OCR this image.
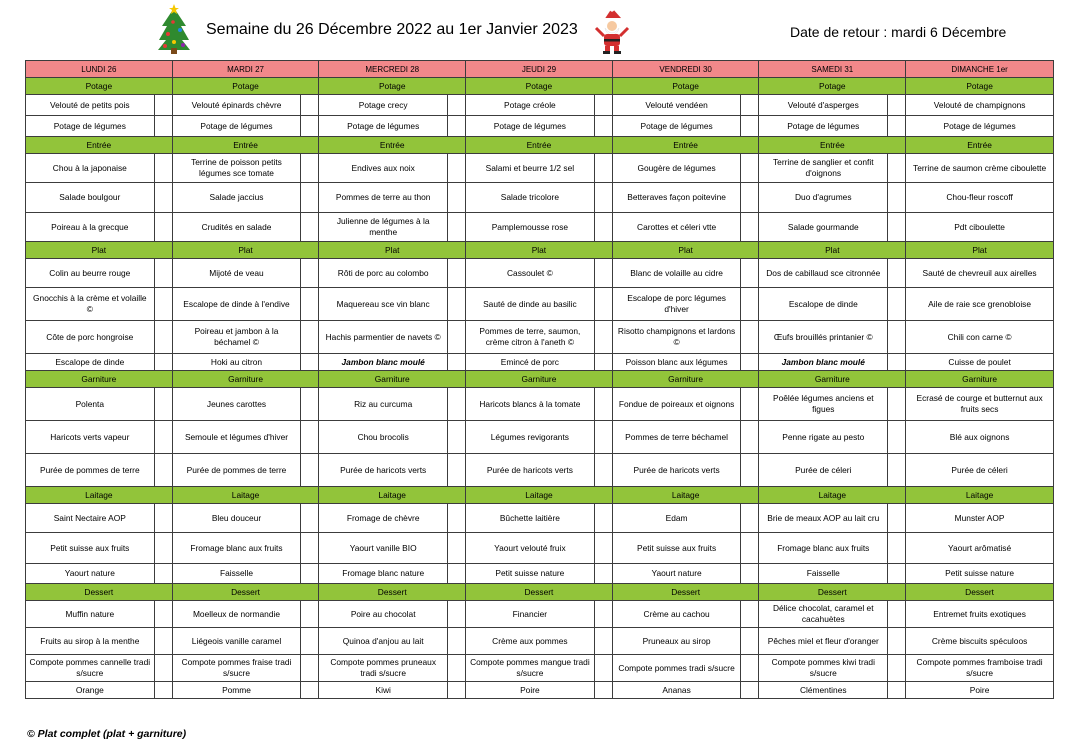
Semaine du 26 Décembre 2022 au 1er Janvier 2023	Date de retour : mardi 6 Décembre
LUNDI 26		MARDI 27		MERCREDI 28		JEUDI 29		VENDREDI 30		SAMEDI 31		DIMANCHE 1er
Potage		Potage		Potage		Potage		Potage		Potage		Potage
Velouté de petits pois		Velouté épinards chèvre		Potage crecy		Potage créole		Velouté vendéen		Velouté d'asperges		Velouté de champignons
Potage de légumes		Potage de légumes		Potage de légumes		Potage de légumes		Potage de légumes		Potage de légumes		Potage de légumes
Entrée		Entrée		Entrée		Entrée		Entrée		Entrée		Entrée
Chou à la japonaise		Terrine de poisson petits légumes sce tomate		Endives aux noix		Salami et beurre 1/2 sel		Gougère de légumes		Terrine de sanglier et confit d'oignons		Terrine de saumon crème ciboulette
Salade boulgour		Salade jaccius		Pommes de terre au thon		Salade tricolore		Betteraves façon poitevine		Duo d'agrumes		Chou-fleur roscoff
Poireau à la grecque		Crudités en salade		Julienne de légumes à la menthe		Pamplemousse rose		Carottes et céleri vtte		Salade gourmande		Pdt ciboulette
Plat		Plat		Plat		Plat		Plat		Plat		Plat
Colin au beurre rouge		Mijoté de veau		Rôti de porc au colombo		Cassoulet ©		Blanc de volaille au cidre		Dos de cabillaud sce citronnée		Sauté de chevreuil aux airelles
Gnocchis à la crème et volaille ©		Escalope de dinde à l'endive		Maquereau sce vin blanc		Sauté de dinde au basilic		Escalope de porc légumes d'hiver		Escalope de dinde		Aile de raie sce grenobloise
Côte de porc hongroise		Poireau et jambon à la béchamel ©		Hachis parmentier de navets ©		Pommes de terre, saumon, crème citron à l'aneth ©		Risotto champignons et lardons ©		Œufs brouillés printanier ©		Chili con carne ©
Escalope de dinde		Hoki au citron		Jambon blanc moulé		Emincé de porc		Poisson blanc aux légumes		Jambon blanc moulé		Cuisse de poulet
Garniture		Garniture		Garniture		Garniture		Garniture		Garniture		Garniture
Polenta		Jeunes carottes		Riz au curcuma		Haricots blancs à la tomate		Fondue de poireaux et oignons		Poêlée légumes anciens et figues		Ecrasé de courge et butternut aux fruits secs
Haricots verts vapeur		Semoule et légumes d'hiver		Chou brocolis		Légumes revigorants		Pommes de terre béchamel		Penne rigate au pesto		Blé aux oignons
Purée de pommes de terre		Purée de pommes de terre		Purée de haricots verts		Purée de haricots verts		Purée de haricots verts		Purée de céleri		Purée de céleri
Laitage		Laitage		Laitage		Laitage		Laitage		Laitage		Laitage
Saint Nectaire AOP		Bleu douceur		Fromage de chèvre		Bûchette laitière		Edam		Brie de meaux AOP au lait cru		Munster AOP
Petit suisse aux fruits		Fromage blanc aux fruits		Yaourt vanille BIO		Yaourt velouté fruix		Petit suisse aux fruits		Fromage blanc aux fruits		Yaourt arômatisé
Yaourt nature		Faisselle		Fromage blanc nature		Petit suisse nature		Yaourt nature		Faisselle		Petit suisse nature
Dessert		Dessert		Dessert		Dessert		Dessert		Dessert		Dessert
Muffin nature		Moelleux de normandie		Poire au chocolat		Financier		Crème au cachou		Délice chocolat, caramel et cacahuètes		Entremet fruits exotiques
Fruits au sirop à la menthe		Liégeois vanille caramel		Quinoa d'anjou au lait		Crème aux pommes		Pruneaux au sirop		Pêches miel et fleur d'oranger		Crème biscuits spéculoos
Compote pommes cannelle tradi s/sucre		Compote pommes fraise tradi s/sucre		Compote pommes pruneaux tradi s/sucre		Compote pommes mangue tradi s/sucre		Compote pommes tradi s/sucre		Compote pommes kiwi tradi s/sucre		Compote pommes framboise tradi s/sucre
Orange		Pomme		Kiwi		Poire		Ananas		Clémentines		Poire
© Plat complet (plat + garniture)
